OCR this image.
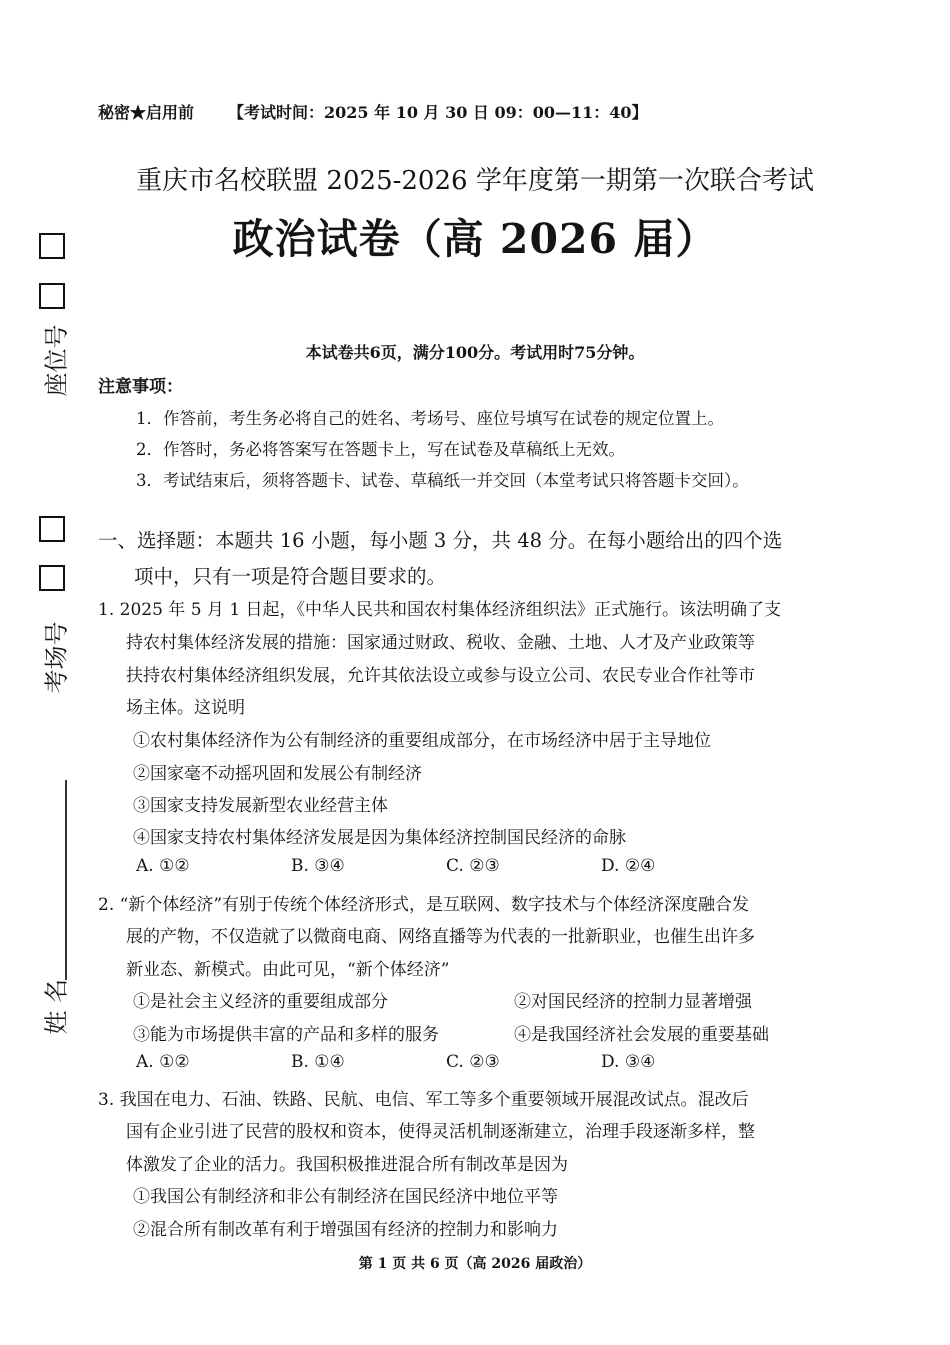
座位号
考场号
姓 名
秘密★启用前 【考试时间：2025 年 10 月 30 日 09：00—11：40】
重庆市名校联盟 2025-2026 学年度第一期第一次联合考试
政治试卷（高 2026 届）
本试卷共6页，满分100分。考试用时75分钟。
注意事项：
1．作答前，考生务必将自己的姓名、考场号、座位号填写在试卷的规定位置上。
2．作答时，务必将答案写在答题卡上，写在试卷及草稿纸上无效。
3．考试结束后，须将答题卡、试卷、草稿纸一并交回（本堂考试只将答题卡交回）。
一、选择题：本题共 16 小题，每小题 3 分，共 48 分。在每小题给出的四个选
项中，只有一项是符合题目要求的。
1. 2025 年 5 月 1 日起，《中华人民共和国农村集体经济组织法》正式施行。该法明确了支
持农村集体经济发展的措施：国家通过财政、税收、金融、土地、人才及产业政策等
扶持农村集体经济组织发展，允许其依法设立或参与设立公司、农民专业合作社等市
场主体。这说明
①农村集体经济作为公有制经济的重要组成部分，在市场经济中居于主导地位
②国家毫不动摇巩固和发展公有制经济
③国家支持发展新型农业经营主体
④国家支持农村集体经济发展是因为集体经济控制国民经济的命脉
A. ①②	B. ③④	C. ②③	D. ②④
2. “新个体经济”有别于传统个体经济形式，是互联网、数字技术与个体经济深度融合发
展的产物，不仅造就了以微商电商、网络直播等为代表的一批新职业，也催生出许多
新业态、新模式。由此可见，“新个体经济”
①是社会主义经济的重要组成部分	②对国民经济的控制力显著增强
③能为市场提供丰富的产品和多样的服务	④是我国经济社会发展的重要基础
A. ①②	B. ①④	C. ②③	D. ③④
3. 我国在电力、石油、铁路、民航、电信、军工等多个重要领域开展混改试点。混改后
国有企业引进了民营的股权和资本，使得灵活机制逐渐建立，治理手段逐渐多样，整
体激发了企业的活力。我国积极推进混合所有制改革是因为
①我国公有制经济和非公有制经济在国民经济中地位平等
②混合所有制改革有利于增强国有经济的控制力和影响力
第 1 页 共 6 页（高 2026 届政治）
